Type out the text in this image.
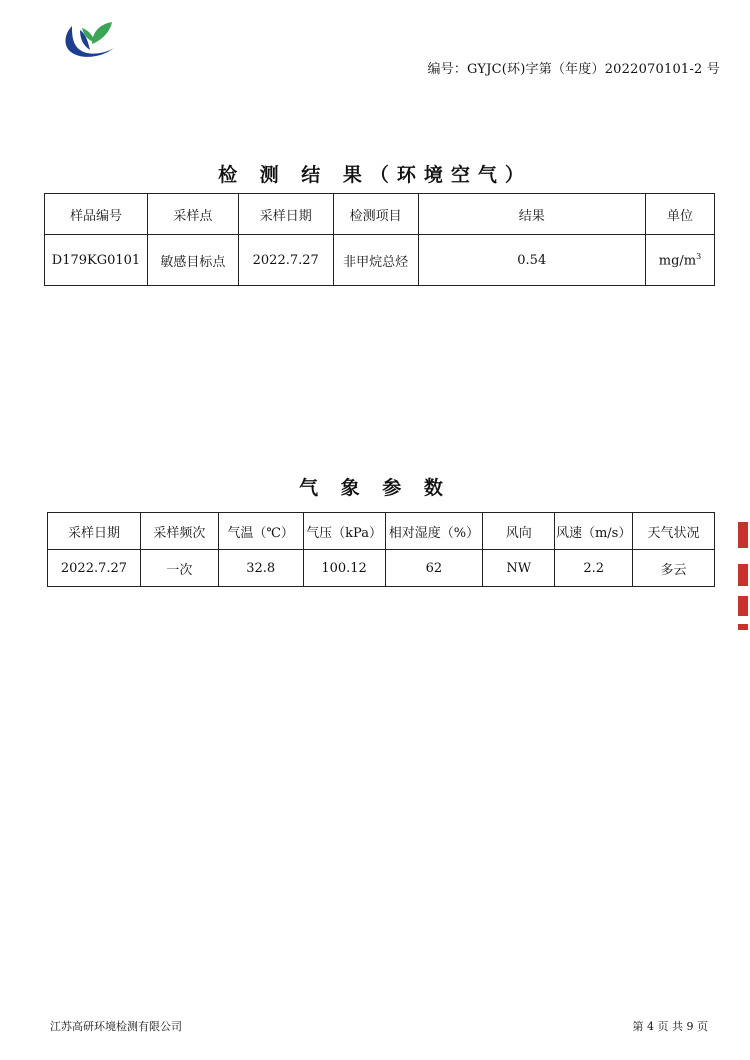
编号：GYJC(环)字第（年度）2022070101-2 号
检 测 结 果（环境空气）
样品编号	采样点	采样日期	检测项目	结果	单位
D179KG0101	敏感目标点	2022.7.27	非甲烷总烃	0.54	$mg/m^3$
气 象 参 数
采样日期	采样频次	气温（℃）	气压（kPa）	相对湿度（%）	风向	风速（m/s）	天气状况
2022.7.27	一次	32.8	100.12	62	NW	2.2	多云
江苏高研环境检测有限公司	第 4 页 共 9 页
